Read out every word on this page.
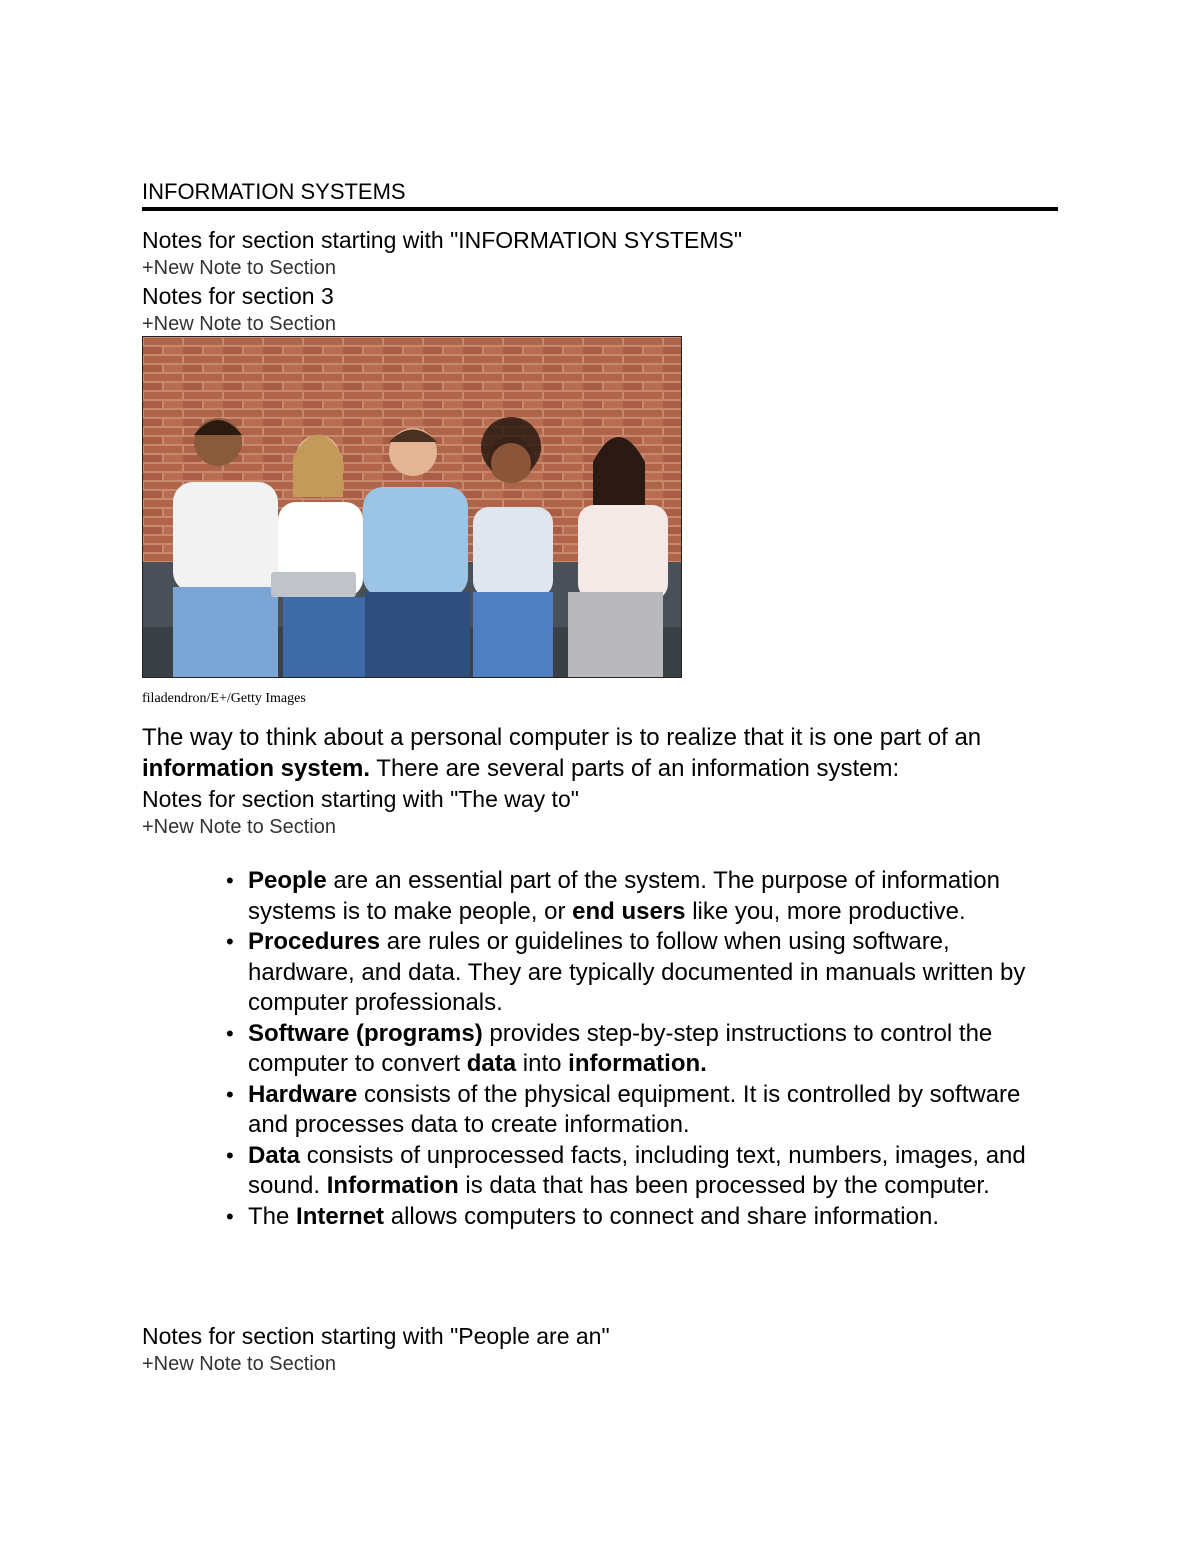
INFORMATION SYSTEMS
Notes for section starting with "INFORMATION SYSTEMS"
+New Note to Section
Notes for section 3
+New Note to Section
filadendron/E+/Getty Images
The way to think about a personal computer is to realize that it is one part of an information system. There are several parts of an information system:
Notes for section starting with "The way to"
+New Note to Section
• People are an essential part of the system. The purpose of information systems is to make people, or end users like you, more productive.
• Procedures are rules or guidelines to follow when using software, hardware, and data. They are typically documented in manuals written by computer professionals.
• Software (programs) provides step-by-step instructions to control the computer to convert data into information.
• Hardware consists of the physical equipment. It is controlled by software and processes data to create information.
• Data consists of unprocessed facts, including text, numbers, images, and sound. Information is data that has been processed by the computer.
• The Internet allows computers to connect and share information.
Notes for section starting with "People are an"
+New Note to Section
